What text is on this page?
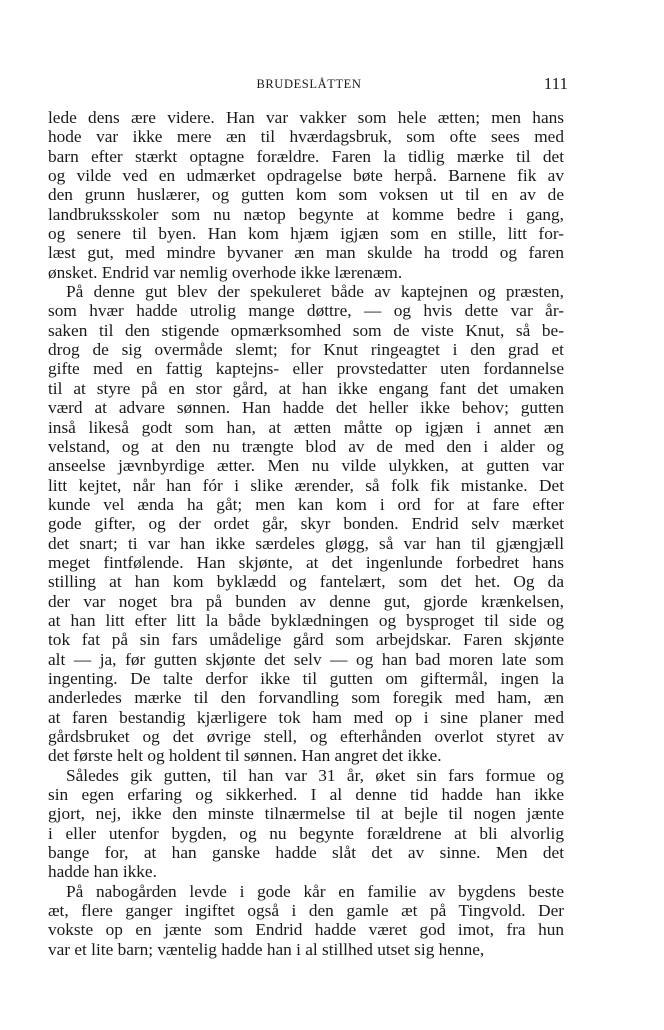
BRUDESLÅTTEN	111
lede dens ære videre. Han var vakker som hele ætten; men hans
hode var ikke mere æn til hværdagsbruk, som ofte sees med
barn efter stærkt optagne forældre. Faren la tidlig mærke til det
og vilde ved en udmærket opdragelse bøte herpå. Barnene fik av
den grunn huslærer, og gutten kom som voksen ut til en av de
landbruksskoler som nu nætop begynte at komme bedre i gang,
og senere til byen. Han kom hjæm igjæn som en stille, litt for-
læst gut, med mindre byvaner æn man skulde ha trodd og faren
ønsket. Endrid var nemlig overhode ikke lærenæm.
På denne gut blev der spekuleret både av kaptejnen og præsten,
som hvær hadde utrolig mange døttre, — og hvis dette var år-
saken til den stigende opmærksomhed som de viste Knut, så be-
drog de sig overmåde slemt; for Knut ringeagtet i den grad et
gifte med en fattig kaptejns- eller provstedatter uten fordannelse
til at styre på en stor gård, at han ikke engang fant det umaken
værd at advare sønnen. Han hadde det heller ikke behov; gutten
inså likeså godt som han, at ætten måtte op igjæn i annet æn
velstand, og at den nu trængte blod av de med den i alder og
anseelse jævnbyrdige ætter. Men nu vilde ulykken, at gutten var
litt kejtet, når han fór i slike ærender, så folk fik mistanke. Det
kunde vel ænda ha gåt; men kan kom i ord for at fare efter
gode gifter, og der ordet går, skyr bonden. Endrid selv mærket
det snart; ti var han ikke særdeles gløgg, så var han til gjængjæll
meget fintfølende. Han skjønte, at det ingenlunde forbedret hans
stilling at han kom byklædd og fantelært, som det het. Og da
der var noget bra på bunden av denne gut, gjorde krænkelsen,
at han litt efter litt la både byklædningen og bysproget til side og
tok fat på sin fars umådelige gård som arbejdskar. Faren skjønte
alt — ja, før gutten skjønte det selv — og han bad moren late som
ingenting. De talte derfor ikke til gutten om giftermål, ingen la
anderledes mærke til den forvandling som foregik med ham, æn
at faren bestandig kjærligere tok ham med op i sine planer med
gårdsbruket og det øvrige stell, og efterhånden overlot styret av
det første helt og holdent til sønnen. Han angret det ikke.
Således gik gutten, til han var 31 år, øket sin fars formue og
sin egen erfaring og sikkerhed. I al denne tid hadde han ikke
gjort, nej, ikke den minste tilnærmelse til at bejle til nogen jænte
i eller utenfor bygden, og nu begynte forældrene at bli alvorlig
bange for, at han ganske hadde slåt det av sinne. Men det
hadde han ikke.
På nabogården levde i gode kår en familie av bygdens beste
æt, flere ganger ingiftet også i den gamle æt på Tingvold. Der
vokste op en jænte som Endrid hadde været god imot, fra hun
var et lite barn; væntelig hadde han i al stillhed utset sig henne,
